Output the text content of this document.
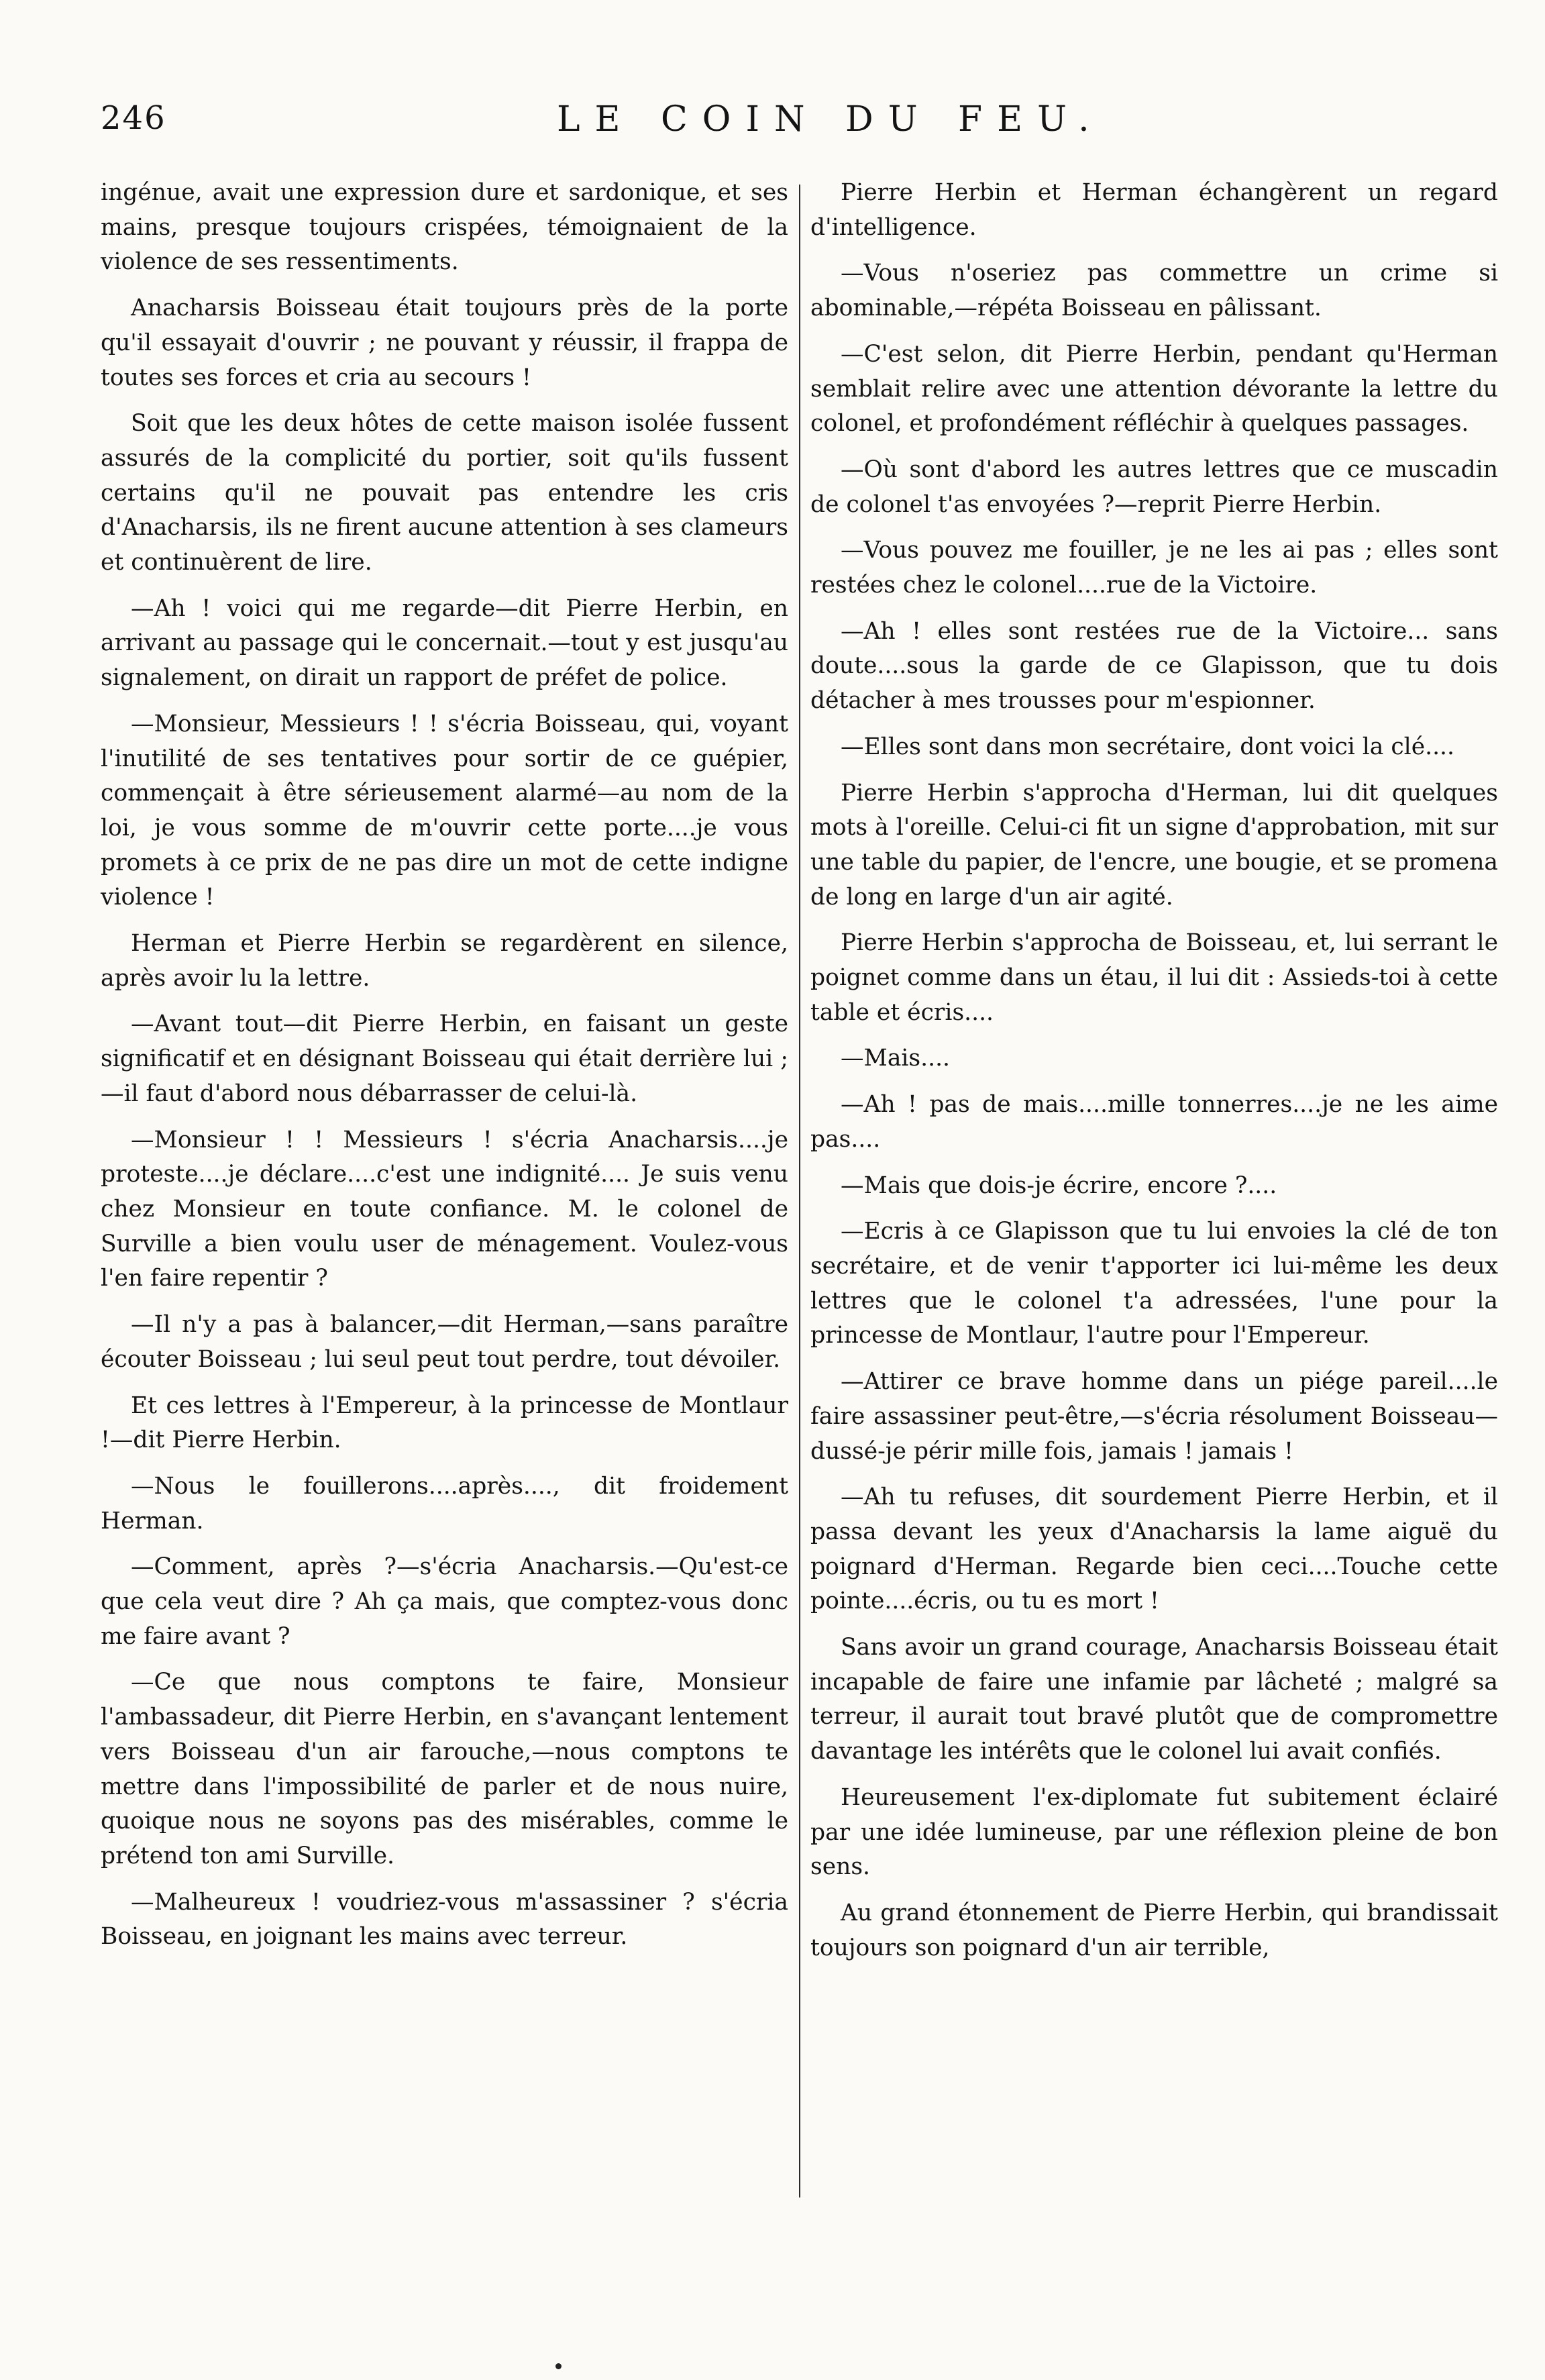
246	LE COIN DU FEU.

ingénue, avait une expression dure et sardonique, et ses mains, presque toujours crispées, témoignaient de la violence de ses ressentiments.

Anacharsis Boisseau était toujours près de la porte qu'il essayait d'ouvrir ; ne pouvant y réussir, il frappa de toutes ses forces et cria au secours !

Soit que les deux hôtes de cette maison isolée fussent assurés de la complicité du portier, soit qu'ils fussent certains qu'il ne pouvait pas entendre les cris d'Anacharsis, ils ne firent aucune attention à ses clameurs et continuèrent de lire.

—Ah ! voici qui me regarde—dit Pierre Herbin, en arrivant au passage qui le concernait.—tout y est jusqu'au signalement, on dirait un rapport de préfet de police.

—Monsieur, Messieurs ! ! s'écria Boisseau, qui, voyant l'inutilité de ses tentatives pour sortir de ce guépier, commençait à être sérieusement alarmé—au nom de la loi, je vous somme de m'ouvrir cette porte....je vous promets à ce prix de ne pas dire un mot de cette indigne violence !

Herman et Pierre Herbin se regardèrent en silence, après avoir lu la lettre.

—Avant tout—dit Pierre Herbin, en faisant un geste significatif et en désignant Boisseau qui était derrière lui ;—il faut d'abord nous débarrasser de celui-là.

—Monsieur ! ! Messieurs ! s'écria Anacharsis....je proteste....je déclare....c'est une indignité.... Je suis venu chez Monsieur en toute confiance. M. le colonel de Surville a bien voulu user de ménagement. Voulez-vous l'en faire repentir ?

—Il n'y a pas à balancer,—dit Herman,—sans paraître écouter Boisseau ; lui seul peut tout perdre, tout dévoiler.

Et ces lettres à l'Empereur, à la princesse de Montlaur !—dit Pierre Herbin.

—Nous le fouillerons....après...., dit froidement Herman.

—Comment, après ?—s'écria Anacharsis.—Qu'est-ce que cela veut dire ? Ah ça mais, que comptez-vous donc me faire avant ?

—Ce que nous comptons te faire, Monsieur l'ambassadeur, dit Pierre Herbin, en s'avançant lentement vers Boisseau d'un air farouche,—nous comptons te mettre dans l'impossibilité de parler et de nous nuire, quoique nous ne soyons pas des misérables, comme le prétend ton ami Surville.

—Malheureux ! voudriez-vous m'assassiner ? s'écria Boisseau, en joignant les mains avec terreur.

Pierre Herbin et Herman échangèrent un regard d'intelligence.

—Vous n'oseriez pas commettre un crime si abominable,—répéta Boisseau en pâlissant.

—C'est selon, dit Pierre Herbin, pendant qu'Herman semblait relire avec une attention dévorante la lettre du colonel, et profondément réfléchir à quelques passages.

—Où sont d'abord les autres lettres que ce muscadin de colonel t'as envoyées ?—reprit Pierre Herbin.

—Vous pouvez me fouiller, je ne les ai pas ; elles sont restées chez le colonel....rue de la Victoire.

—Ah ! elles sont restées rue de la Victoire... sans doute....sous la garde de ce Glapisson, que tu dois détacher à mes trousses pour m'espionner.

—Elles sont dans mon secrétaire, dont voici la clé....

Pierre Herbin s'approcha d'Herman, lui dit quelques mots à l'oreille. Celui-ci fit un signe d'approbation, mit sur une table du papier, de l'encre, une bougie, et se promena de long en large d'un air agité.

Pierre Herbin s'approcha de Boisseau, et, lui serrant le poignet comme dans un étau, il lui dit : Assieds-toi à cette table et écris....

—Mais....

—Ah ! pas de mais....mille tonnerres....je ne les aime pas....

—Mais que dois-je écrire, encore ?....

—Ecris à ce Glapisson que tu lui envoies la clé de ton secrétaire, et de venir t'apporter ici lui-même les deux lettres que le colonel t'a adressées, l'une pour la princesse de Montlaur, l'autre pour l'Empereur.

—Attirer ce brave homme dans un piége pareil....le faire assassiner peut-être,—s'écria résolument Boisseau—dussé-je périr mille fois, jamais ! jamais !

—Ah tu refuses, dit sourdement Pierre Herbin, et il passa devant les yeux d'Anacharsis la lame aiguë du poignard d'Herman. Regarde bien ceci....Touche cette pointe....écris, ou tu es mort !

Sans avoir un grand courage, Anacharsis Boisseau était incapable de faire une infamie par lâcheté ; malgré sa terreur, il aurait tout bravé plutôt que de compromettre davantage les intérêts que le colonel lui avait confiés.

Heureusement l'ex-diplomate fut subitement éclairé par une idée lumineuse, par une réflexion pleine de bon sens.

Au grand étonnement de Pierre Herbin, qui brandissait toujours son poignard d'un air terrible,
